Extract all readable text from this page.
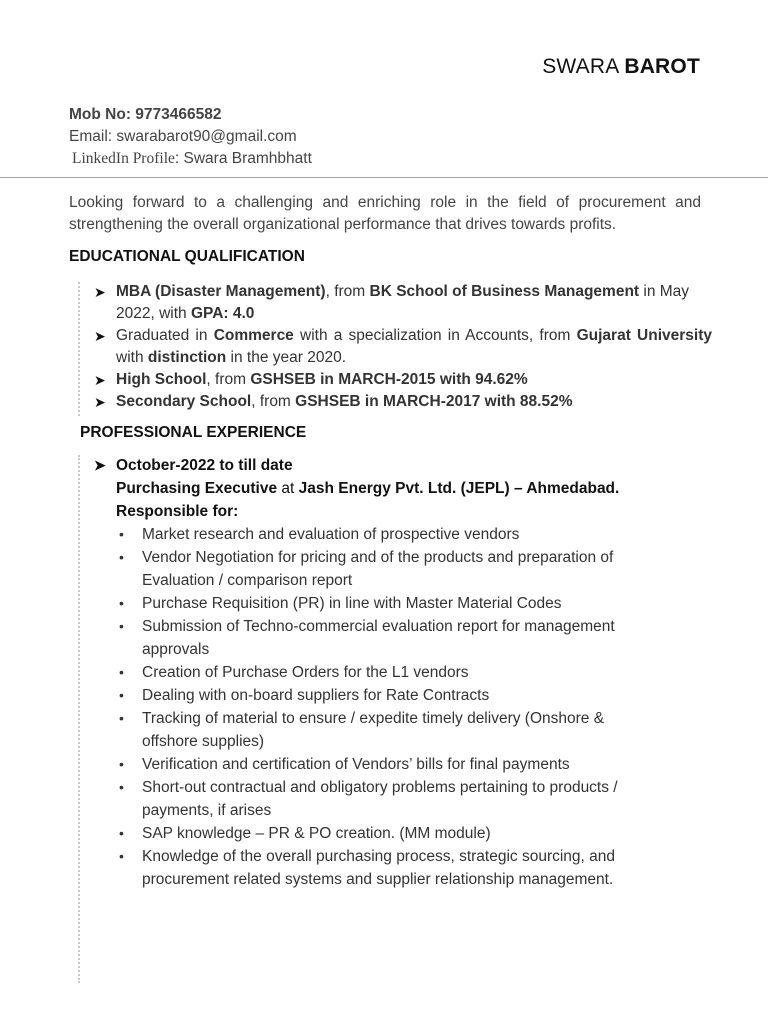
SWARA BAROT
Mob No: 9773466582
Email: swarabarot90@gmail.com
LinkedIn Profile: Swara Bramhbhatt
Looking forward to a challenging and enriching role in the field of procurement and strengthening the overall organizational performance that drives towards profits.
EDUCATIONAL QUALIFICATION
➤ MBA (Disaster Management), from BK School of Business Management in May 2022, with GPA: 4.0
➤ Graduated in Commerce with a specialization in Accounts, from Gujarat University with distinction in the year 2020.
➤ High School, from GSHSEB in MARCH-2015 with 94.62%
➤ Secondary School, from GSHSEB in MARCH-2017 with 88.52%
PROFESSIONAL EXPERIENCE
➤ October-2022 to till date
Purchasing Executive at Jash Energy Pvt. Ltd. (JEPL) – Ahmedabad.
Responsible for:
• Market research and evaluation of prospective vendors
• Vendor Negotiation for pricing and of the products and preparation of Evaluation / comparison report
• Purchase Requisition (PR) in line with Master Material Codes
• Submission of Techno-commercial evaluation report for management approvals
• Creation of Purchase Orders for the L1 vendors
• Dealing with on-board suppliers for Rate Contracts
• Tracking of material to ensure / expedite timely delivery (Onshore & offshore supplies)
• Verification and certification of Vendors’ bills for final payments
• Short-out contractual and obligatory problems pertaining to products / payments, if arises
• SAP knowledge – PR & PO creation. (MM module)
• Knowledge of the overall purchasing process, strategic sourcing, and procurement related systems and supplier relationship management.
